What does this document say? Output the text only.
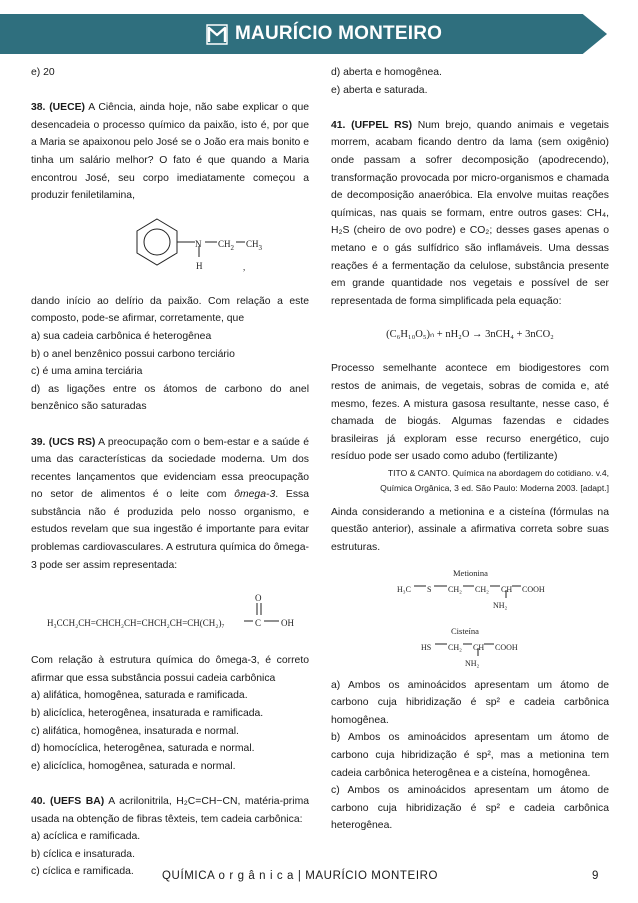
MAURÍCIO MONTEIRO

e) 20

38. (UECE) A Ciência, ainda hoje, não sabe explicar o que desencadeia o processo químico da paixão, isto é, por que a Maria se apaixonou pelo José se o João era mais bonito e tinha um salário melhor? O fato é que quando a Maria encontrou José, seu corpo imediatamente começou a produzir feniletilamina,

N $CH_2$ $CH_3$
H	,

dando início ao delírio da paixão. Com relação a este composto, pode-se afirmar, corretamente, que

a) sua cadeia carbônica é heterogênea

b) o anel benzênico possui carbono terciário

c) é uma amina terciária

d) as ligações entre os átomos de carbono do anel benzênico são saturadas

39. (UCS RS) A preocupação com o bem-estar e a saúde é uma das características da sociedade moderna. Um dos recentes lançamentos que evidenciam essa preocupação no setor de alimentos é o leite com ômega-3. Essa substância não é produzida pelo nosso organismo, e estudos revelam que sua ingestão é importante para evitar problemas cardiovasculares. A estrutura química do ômega-3 pode ser assim representada:

H₃CCH₂CH=CHCH₂CH=CHCH₂CH=CH(CH₂)₇	C
O
OH

Com relação à estrutura química do ômega-3, é correto afirmar que essa substância possui cadeia carbônica

a) alifática, homogênea, saturada e ramificada.

b) alicíclica, heterogênea, insaturada e ramificada.

c) alifática, homogênea, insaturada e normal.

d) homocíclica, heterogênea, saturada e normal.

e) alicíclica, homogênea, saturada e normal.

40. (UEFS BA) A acrilonitrila, H₂C=CH−CN, matéria-prima usada na obtenção de fibras têxteis, tem cadeia carbônica:

a) acíclica e ramificada.

b) cíclica e insaturada.

c) cíclica e ramificada.

d) aberta e homogênea.

e) aberta e saturada.

41. (UFPEL RS) Num brejo, quando animais e vegetais morrem, acabam ficando dentro da lama (sem oxigênio) onde passam a sofrer decomposição (apodrecendo), transformação provocada por micro-organismos e chamada de decomposição anaeróbica. Ela envolve muitas reações químicas, nas quais se formam, entre outros gases: CH₄, H₂S (cheiro de ovo podre) e CO₂; desses gases apenas o metano e o gás sulfídrico são inflamáveis. Uma dessas reações é a fermentação da celulose, substância presente em grande quantidade nos vegetais e possível de ser representada de forma simplificada pela equação:

(C₆H₁₀O₅)ₙ + nH₂O → 3nCH₄ + 3nCO₂

Processo semelhante acontece em biodigestores com restos de animais, de vegetais, sobras de comida e, até mesmo, fezes. A mistura gasosa resultante, nesse caso, é chamada de biogás. Algumas fazendas e cidades brasileiras já exploram esse recurso energético, cujo resíduo pode ser usado como adubo (fertilizante)

TITO & CANTO. Química na abordagem do cotidiano. v.4,
Química Orgânica, 3 ed. São Paulo: Moderna 2003. [adapt.]

Ainda considerando a metionina e a cisteína (fórmulas na questão anterior), assinale a afirmativa correta sobre suas estruturas.

Metionina
H₃C S CH₂ CH₂ CH COOH
NH₂
Cisteína
HS CH₂ CH COOH
NH₂

a) Ambos os aminoácidos apresentam um átomo de carbono cuja hibridização é sp² e cadeia carbônica homogênea.

b) Ambos os aminoácidos apresentam um átomo de carbono cuja hibridização é sp², mas a metionina tem cadeia carbônica heterogênea e a cisteína, homogênea.

c) Ambos os aminoácidos apresentam um átomo de carbono cuja hibridização é sp² e cadeia carbônica heterogênea.

QUÍMICA o r g â n i c a | MAURÍCIO MONTEIRO	9
